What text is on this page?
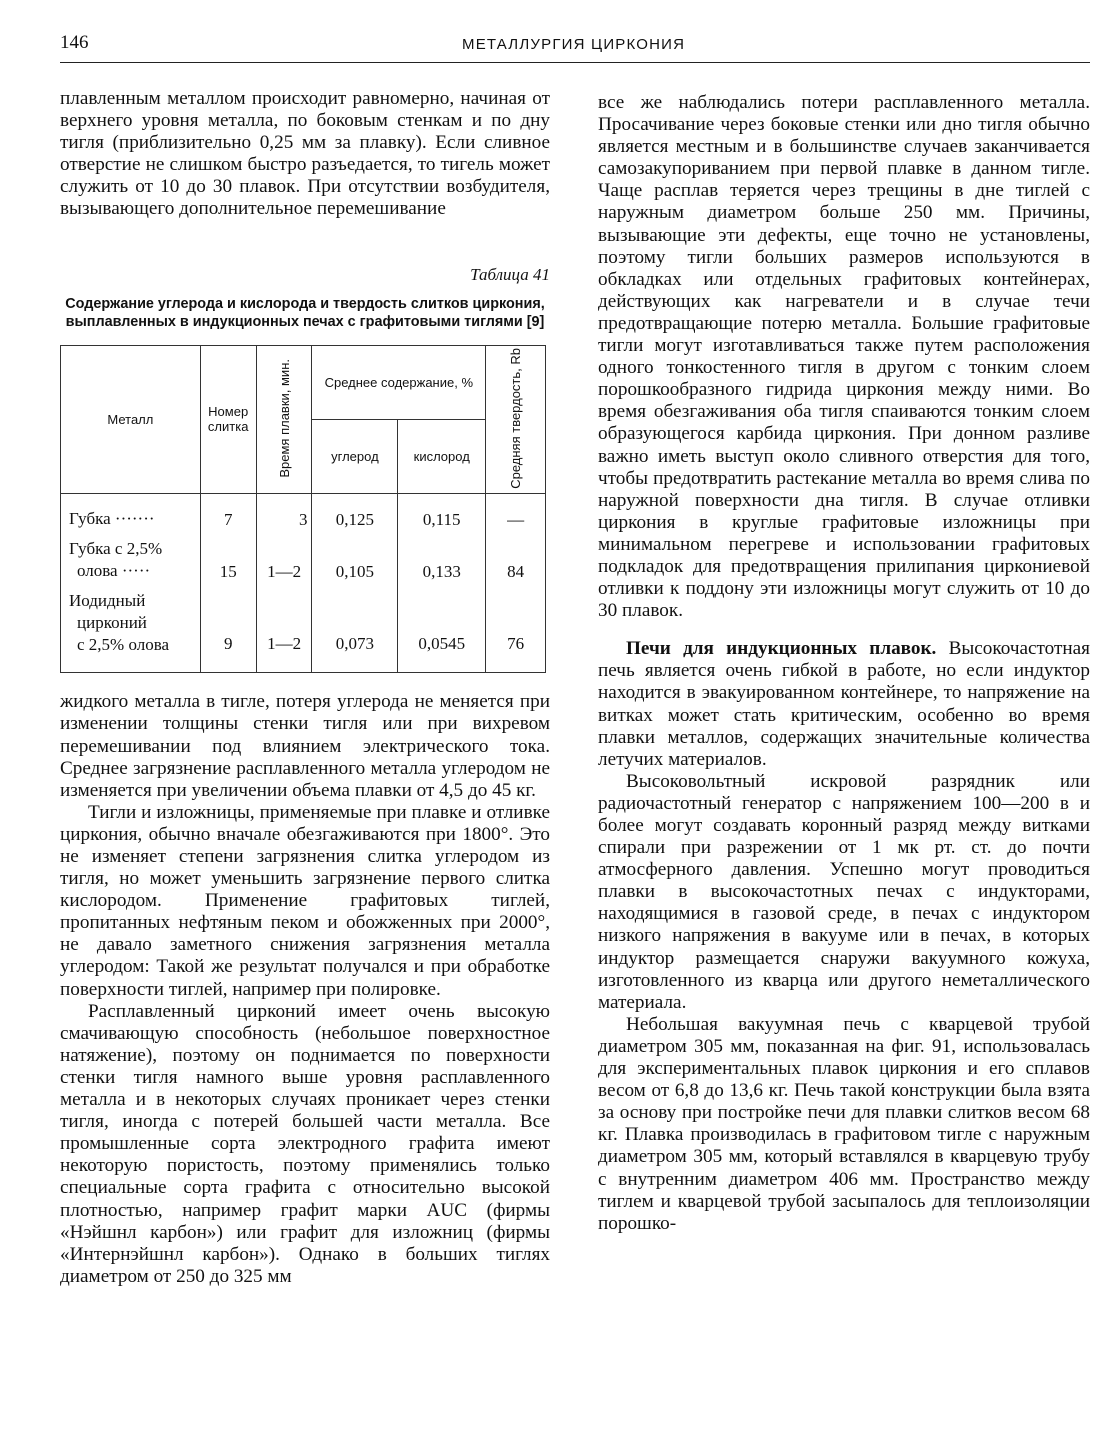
146	МЕТАЛЛУРГИЯ ЦИРКОНИЯ

плавленным металлом происходит равномерно, начиная от верхнего уровня металла, по боковым стенкам и по дну тигля (приблизительно 0,25 мм за плавку). Если сливное отверстие не слишком быстро разъедается, то тигель может служить от 10 до 30 плавок. При отсутствии возбудителя, вызывающего дополнительное перемешивание

Таблица 41
Содержание углерода и кислорода и твердость слитков циркония, выплавленных в индукционных печах с графитовыми тиглями [9]
Металл	Номер слитка	Время плавки, мин.	Среднее содержание, %		Средняя твердость, Rb
			углерод	кислород	

Губка ·······	7	3	0,125	0,115	—

Губка с 2,5%
олова ·····	15	1—2	0,105	0,133	84

Иодидный
цирконий
с 2,5% олова	9	1—2	0,073	0,0545	76

жидкого металла в тигле, потеря углерода не меняется при изменении толщины стенки тигля или при вихревом перемешивании под влиянием электрического тока. Среднее загрязнение расплавленного металла углеродом не изменяется при увеличении объема плавки от 4,5 до 45 кг.

Тигли и изложницы, применяемые при плавке и отливке циркония, обычно вначале обезгаживаются при 1800°. Это не изменяет степени загрязнения слитка углеродом из тигля, но может уменьшить загрязнение первого слитка кислородом. Применение графитовых тиглей, пропитанных нефтяным пеком и обожженных при 2000°, не давало заметного снижения загрязнения металла углеродом: Такой же результат получался и при обработке поверхности тиглей, например при полировке.

Расплавленный цирконий имеет очень высокую смачивающую способность (небольшое поверхностное натяжение), поэтому он поднимается по поверхности стенки тигля намного выше уровня расплавленного металла и в некоторых случаях проникает через стенки тигля, иногда с потерей большей части металла. Все промышленные сорта электродного графита имеют некоторую пористость, поэтому применялись только специальные сорта графита с относительно высокой плотностью, например графит марки AUC (фирмы «Нэйшнл карбон») или графит для изложниц (фирмы «Интернэйшнл карбон»). Однако в больших тиглях диаметром от 250 до 325 мм

все же наблюдались потери расплавленного металла. Просачивание через боковые стенки или дно тигля обычно является местным и в большинстве случаев заканчивается самозакупориванием при первой плавке в данном тигле. Чаще расплав теряется через трещины в дне тиглей с наружным диаметром больше 250 мм. Причины, вызывающие эти дефекты, еще точно не установлены, поэтому тигли больших размеров используются в обкладках или отдельных графитовых контейнерах, действующих как нагреватели и в случае течи предотвращающие потерю металла. Большие графитовые тигли могут изготавливаться также путем расположения одного тонкостенного тигля в другом с тонким слоем порошкообразного гидрида циркония между ними. Во время обезгаживания оба тигля спаиваются тонким слоем образующегося карбида циркония. При донном разливе важно иметь выступ около сливного отверстия для того, чтобы предотвратить растекание металла во время слива по наружной поверхности дна тигля. В случае отливки циркония в круглые графитовые изложницы при минимальном перегреве и использовании графитовых подкладок для предотвращения прилипания циркониевой отливки к поддону эти изложницы могут служить от 10 до 30 плавок.

Печи для индукционных плавок. Высокочастотная печь является очень гибкой в работе, но если индуктор находится в эвакуированном контейнере, то напряжение на витках может стать критическим, особенно во время плавки металлов, содержащих значительные количества летучих материалов.

Высоковольтный искровой разрядник или радиочастотный генератор с напряжением 100—200 в и более могут создавать коронный разряд между витками спирали при разрежении от 1 мк рт. ст. до почти атмосферного давления. Успешно могут проводиться плавки в высокочастотных печах с индукторами, находящимися в газовой среде, в печах с индуктором низкого напряжения в вакууме или в печах, в которых индуктор размещается снаружи вакуумного кожуха, изготовленного из кварца или другого неметаллического материала.

Небольшая вакуумная печь с кварцевой трубой диаметром 305 мм, показанная на фиг. 91, использовалась для экспериментальных плавок циркония и его сплавов весом от 6,8 до 13,6 кг. Печь такой конструкции была взята за основу при постройке печи для плавки слитков весом 68 кг. Плавка производилась в графитовом тигле с наружным диаметром 305 мм, который вставлялся в кварцевую трубу с внутренним диаметром 406 мм. Пространство между тиглем и кварцевой трубой засыпалось для теплоизоляции порошко-
